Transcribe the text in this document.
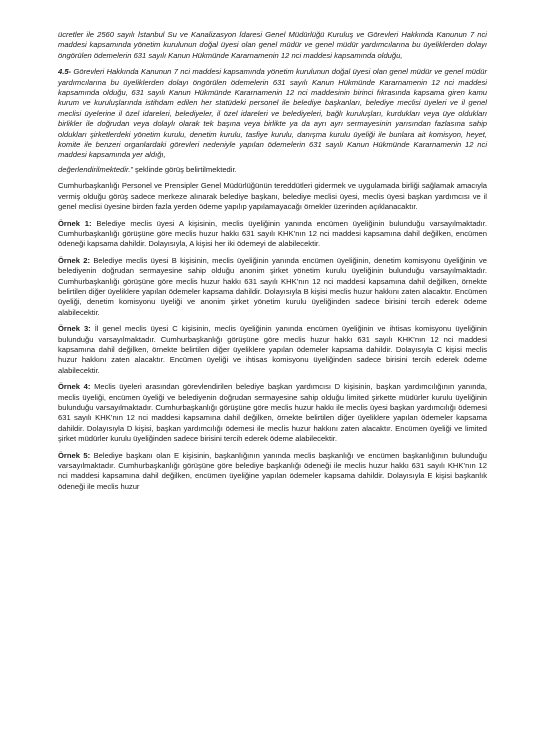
ücretler ile 2560 sayılı İstanbul Su ve Kanalizasyon İdaresi Genel Müdürlüğü Kuruluş ve Görevleri Hakkında Kanunun 7 nci maddesi kapsamında yönetim kurulunun doğal üyesi olan genel müdür ve genel müdür yardımcılarına bu üyeliklerden dolayı öngörülen ödemelerin 631 sayılı Kanun Hükmünde Kararnamenin 12 nci maddesi kapsamında olduğu,

4.5- Görevleri Hakkında Kanunun 7 nci maddesi kapsamında yönetim kurulunun doğal üyesi olan genel müdür ve genel müdür yardımcılarına bu üyeliklerden dolayı öngörülen ödemelerin 631 sayılı Kanun Hükmünde Kararnamenin 12 nci maddesi kapsamında olduğu, 631 sayılı Kanun Hükmünde Kararnamenin 12 nci maddesinin birinci fıkrasında kapsama giren kamu kurum ve kuruluşlarında istihdam edilen her statüdeki personel ile belediye başkanları, belediye meclisi üyeleri ve il genel meclisi üyelerine il özel idareleri, belediyeler, il özel idareleri ve belediyeleri, bağlı kuruluşları, kurdukları veya üye oldukları birlikler ile doğrudan veya dolaylı olarak tek başına veya birlikte ya da ayrı ayrı sermayesinin yarısından fazlasına sahip oldukları şirketlerdeki yönetim kurulu, denetim kurulu, tasfiye kurulu, danışma kurulu üyeliği ile bunlara ait komisyon, heyet, komite ile benzeri organlardaki görevleri nedeniyle yapılan ödemelerin 631 sayılı Kanun Hükmünde Kararnamenin 12 nci maddesi kapsamında yer aldığı,

değerlendirilmektedir.” şeklinde görüş belirtilmektedir.

Cumhurbaşkanlığı Personel ve Prensipler Genel Müdürlüğünün tereddütleri gidermek ve uygulamada birliği sağlamak amacıyla vermiş olduğu görüş sadece merkeze alınarak belediye başkanı, belediye meclisi üyesi, meclis üyesi başkan yardımcısı ve il genel meclisi üyesine birden fazla yerden ödeme yapılıp yapılamayacağı örnekler üzerinden açıklanacaktır.

Örnek 1: Belediye meclis üyesi A kişisinin, meclis üyeliğinin yanında encümen üyeliğinin bulunduğu varsayılmaktadır. Cumhurbaşkanlığı görüşüne göre meclis huzur hakkı 631 sayılı KHK’nın 12 nci maddesi kapsamına dahil değilken, encümen ödeneği kapsama dahildir. Dolayısıyla, A kişisi her iki ödemeyi de alabilecektir.

Örnek 2: Belediye meclis üyesi B kişisinin, meclis üyeliğinin yanında encümen üyeliğinin, denetim komisyonu üyeliğinin ve belediyenin doğrudan sermayesine sahip olduğu anonim şirket yönetim kurulu üyeliğinin bulunduğu varsayılmaktadır. Cumhurbaşkanlığı görüşüne göre meclis huzur hakkı 631 sayılı KHK’nın 12 nci maddesi kapsamına dahil değilken, örnekte belirtilen diğer üyeliklere yapılan ödemeler kapsama dahildir. Dolayısıyla B kişisi meclis huzur hakkını zaten alacaktır. Encümen üyeliği, denetim komisyonu üyeliği ve anonim şirket yönetim kurulu üyeliğinden sadece birisini tercih ederek ödeme alabilecektir.

Örnek 3: İl genel meclis üyesi C kişisinin, meclis üyeliğinin yanında encümen üyeliğinin ve ihtisas komisyonu üyeliğinin bulunduğu varsayılmaktadır. Cumhurbaşkanlığı görüşüne göre meclis huzur hakkı 631 sayılı KHK’nın 12 nci maddesi kapsamına dahil değilken, örnekte belirtilen diğer üyeliklere yapılan ödemeler kapsama dahildir. Dolayısıyla C kişisi meclis huzur hakkını zaten alacaktır. Encümen üyeliği ve ihtisas komisyonu üyeliğinden sadece birisini tercih ederek ödeme alabilecektir.

Örnek 4: Meclis üyeleri arasından görevlendirilen belediye başkan yardımcısı D kişisinin, başkan yardımcılığının yanında, meclis üyeliği, encümen üyeliği ve belediyenin doğrudan sermayesine sahip olduğu limited şirkette müdürler kurulu üyeliğinin bulunduğu varsayılmaktadır. Cumhurbaşkanlığı görüşüne göre meclis huzur hakkı ile meclis üyesi başkan yardımcılığı ödemesi 631 sayılı KHK’nın 12 nci maddesi kapsamına dahil değilken, örnekte belirtilen diğer üyeliklere yapılan ödemeler kapsama dahildir. Dolayısıyla D kişisi, başkan yardımcılığı ödemesi ile meclis huzur hakkını zaten alacaktır. Encümen üyeliği ve limited şirket müdürler kurulu üyeliğinden sadece birisini tercih ederek ödeme alabilecektir.

Örnek 5: Belediye başkanı olan E kişisinin, başkanlığının yanında meclis başkanlığı ve encümen başkanlığının bulunduğu varsayılmaktadır. Cumhurbaşkanlığı görüşüne göre belediye başkanlığı ödeneği ile meclis huzur hakkı 631 sayılı KHK’nın 12 nci maddesi kapsamına dahil değilken, encümen üyeliğine yapılan ödemeler kapsama dahildir. Dolayısıyla E kişisi başkanlık ödeneği ile meclis huzur
